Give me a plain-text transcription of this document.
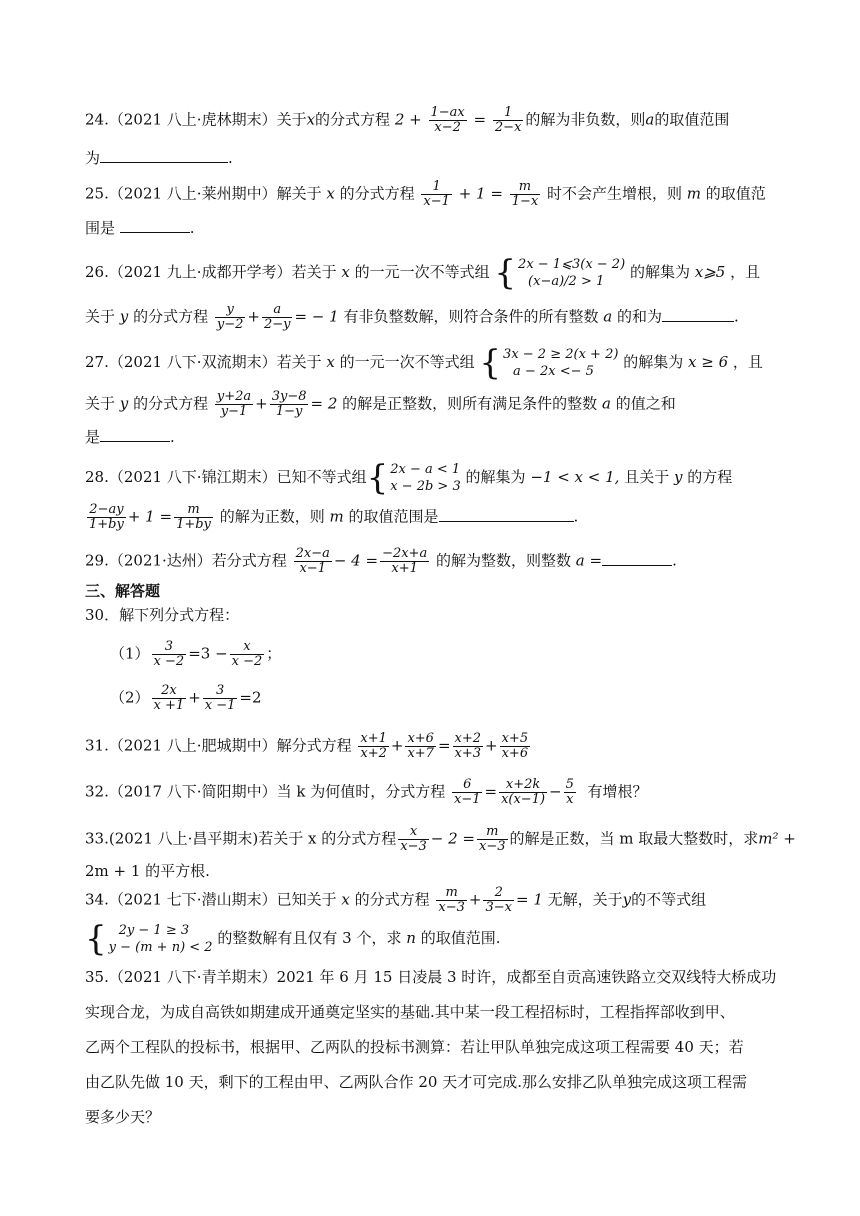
24.（2021 八上·虎林期末）关于x的分式方程 $2 + \frac{1-ax}{x-2} = \frac{1}{2-x}$ 的解为非负数，则a的取值范围
为	.
25.（2021 八上·莱州期中）解关于 x 的分式方程 $\frac{1}{x-1} + 1 = \frac{m}{1-x}$ 时不会产生增根，则 m 的取值范
围是	.
26.（2021 九上·成都开学考）若关于 x 的一元一次不等式组 { 2x − 1⩽3(x − 2)
(x−a)/2 > 1
的解集为 x⩾5 ，且
关于 y 的分式方程 $\frac{y}{y-2} + \frac{a}{2-y}$ = − 1 有非负整数解，则符合条件的所有整数 a 的和为	.
27.（2021 八下·双流期末）若关于 x 的一元一次不等式组 { 3x − 2 ≥ 2(x + 2)
a − 2x <− 5
的解集为 x ≥ 6 ，且
关于 y 的分式方程 $\frac{y+2a}{y-1} + \frac{3y-8}{1-y} = 2$ 的解是正整数，则所有满足条件的整数 a 的值之和
是	.
28.（2021 八下·锦江期末）已知不等式组{ 2x − a < 1
x − 2b > 3
的解集为 −1 < x < 1, 且关于 y 的方程
$\frac{2-ay}{1+by} + 1 = \frac{m}{1+by}$ 的解为正数，则 m 的取值范围是	.
29.（2021·达州）若分式方程 $\frac{2x-a}{x-1} - 4 = \frac{-2x+a}{x+1}$ 的解为整数，则整数 a =	.
三、解答题
30．解下列分式方程：
$(1) \frac{3}{x -2} =3 - \frac{x}{x -2}$ ；
$(2) \frac{2x}{x +1} + \frac{3}{x -1} =2$
31.（2021 八上·肥城期中）解分式方程 $\frac{x+1}{x+2} + \frac{x+6}{x+7} = \frac{x+2}{x+3} + \frac{x+5}{x+6}$
32.（2017 八下·简阳期中）当 k 为何值时，分式方程 $\frac{6}{x-1} = \frac{x+2k}{x(x-1)} - \frac{5}{x}$ 有增根？
33.(2021 八上·昌平期末)若关于 x 的分式方程 $\frac{x}{x-3} - 2 = \frac{m}{x-3}$ 的解是正数，当 m 取最大整数时，求m² +
2m + 1 的平方根.
34.（2021 七下·潜山期末）已知关于 x 的分式方程 $\frac{m}{x-3} + \frac{2}{3-x} = 1$ 无解，关于y的不等式组
{ 2y − 1 ≥ 3
y − (m + n) < 2
的整数解有且仅有 3 个，求 n 的取值范围.
35.（2021 八下·青羊期末）2021 年 6 月 15 日凌晨 3 时许，成都至自贡高速铁路立交双线特大桥成功
实现合龙，为成自高铁如期建成开通奠定坚实的基础.其中某一段工程招标时，工程指挥部收到甲、
乙两个工程队的投标书，根据甲、乙两队的投标书测算：若让甲队单独完成这项工程需要 40 天；若
由乙队先做 10 天，剩下的工程由甲、乙两队合作 20 天才可完成.那么安排乙队单独完成这项工程需
要多少天？
